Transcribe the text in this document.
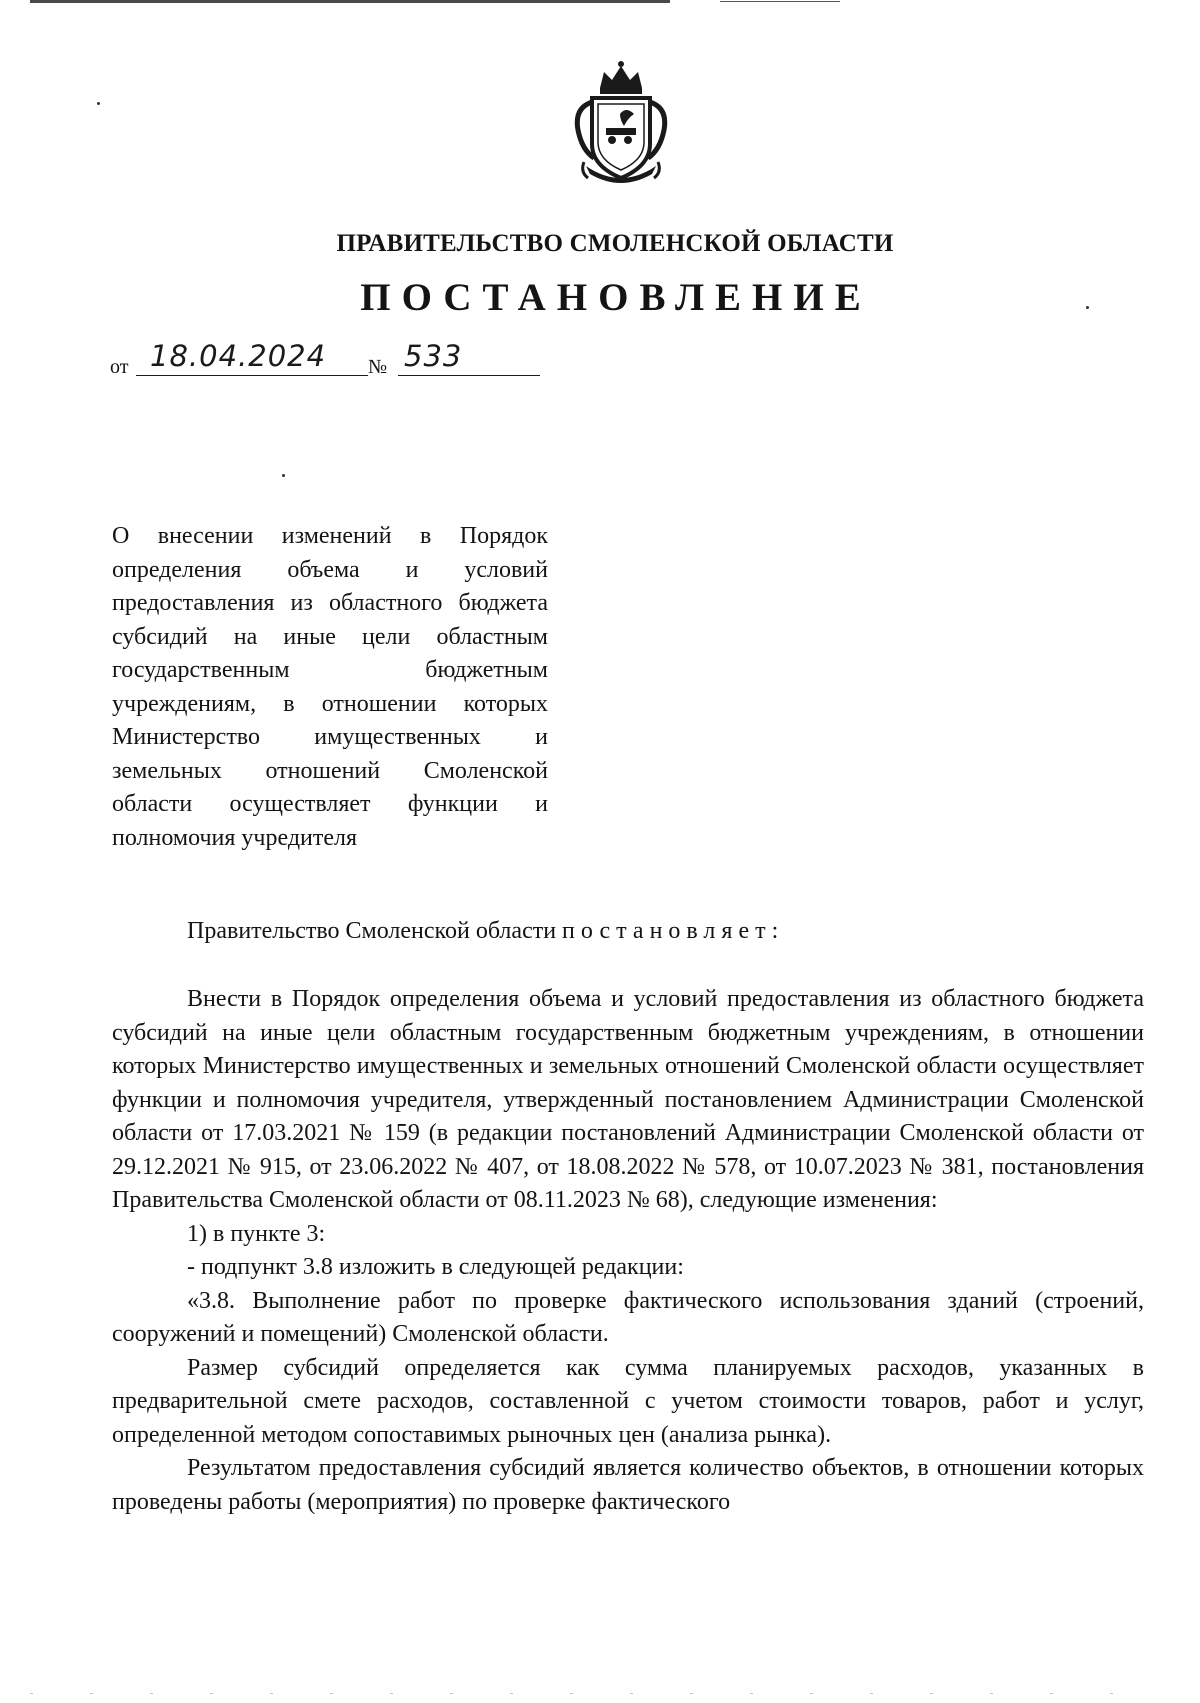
ПРАВИТЕЛЬСТВО СМОЛЕНСКОЙ ОБЛАСТИ
ПОСТАНОВЛЕНИЕ
от 18.04.2024 № 533
О внесении изменений в Порядок определения объема и условий предоставления из областного бюджета субсидий на иные цели областным государственным бюджетным учреждениям, в отношении которых Министерство имущественных и земельных отношений Смоленской области осуществляет функции и полномочия учредителя

Правительство Смоленской области постановляет:

Внести в Порядок определения объема и условий предоставления из областного бюджета субсидий на иные цели областным государственным бюджетным учреждениям, в отношении которых Министерство имущественных и земельных отношений Смоленской области осуществляет функции и полномочия учредителя, утвержденный постановлением Администрации Смоленской области от 17.03.2021 № 159 (в редакции постановлений Администрации Смоленской области от 29.12.2021 № 915, от 23.06.2022 № 407, от 18.08.2022 № 578, от 10.07.2023 № 381, постановления Правительства Смоленской области от 08.11.2023 № 68), следующие изменения:

1) в пункте 3:

- подпункт 3.8 изложить в следующей редакции:

«3.8. Выполнение работ по проверке фактического использования зданий (строений, сооружений и помещений) Смоленской области.

Размер субсидий определяется как сумма планируемых расходов, указанных в предварительной смете расходов, составленной с учетом стоимости товаров, работ и услуг, определенной методом сопоставимых рыночных цен (анализа рынка).

Результатом предоставления субсидий является количество объектов, в отношении которых проведены работы (мероприятия) по проверке фактического
